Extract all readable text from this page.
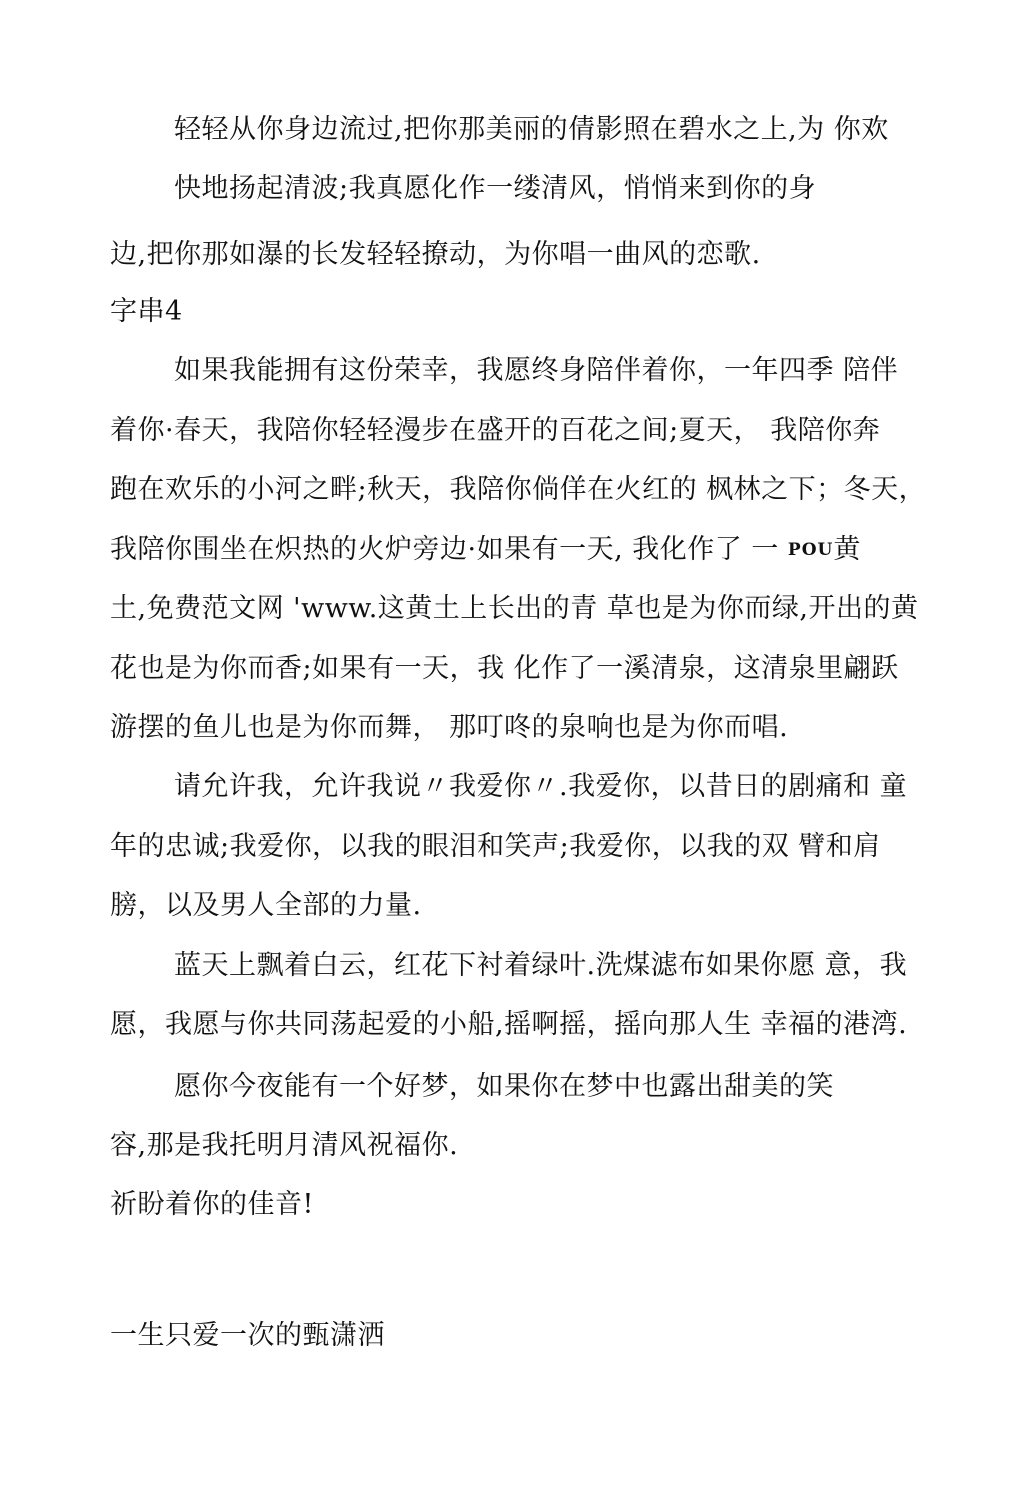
轻轻从你身边流过,把你那美丽的倩影照在碧水之上,为 你欢
快地扬起清波;我真愿化作一缕清风，悄悄来到你的身
边,把你那如瀑的长发轻轻撩动，为你唱一曲风的恋歌.
字串4
如果我能拥有这份荣幸，我愿终身陪伴着你，一年四季 陪伴
着你·春天，我陪你轻轻漫步在盛开的百花之间;夏天， 我陪你奔
跑在欢乐的小河之畔;秋天，我陪你倘佯在火红的 枫林之下；冬天，
我陪你围坐在炽热的火炉旁边·如果有一天, 我化作了 一 POU黄
土,免费范文网 'www.这黄土上长出的青 草也是为你而绿,开出的黄
花也是为你而香;如果有一天，我 化作了一溪清泉，这清泉里翩跃
游摆的鱼儿也是为你而舞， 那叮咚的泉响也是为你而唱.
请允许我，允许我说〃我爱你〃.我爱你，以昔日的剧痛和 童
年的忠诚;我爱你，以我的眼泪和笑声;我爱你，以我的双 臂和肩
膀，以及男人全部的力量.
蓝天上飘着白云，红花下衬着绿叶.洗煤滤布如果你愿 意，我
愿，我愿与你共同荡起爱的小船,摇啊摇，摇向那人生 幸福的港湾.
愿你今夜能有一个好梦，如果你在梦中也露出甜美的笑
容,那是我托明月清风祝福你.
祈盼着你的佳音!
一生只爱一次的甄潇洒
